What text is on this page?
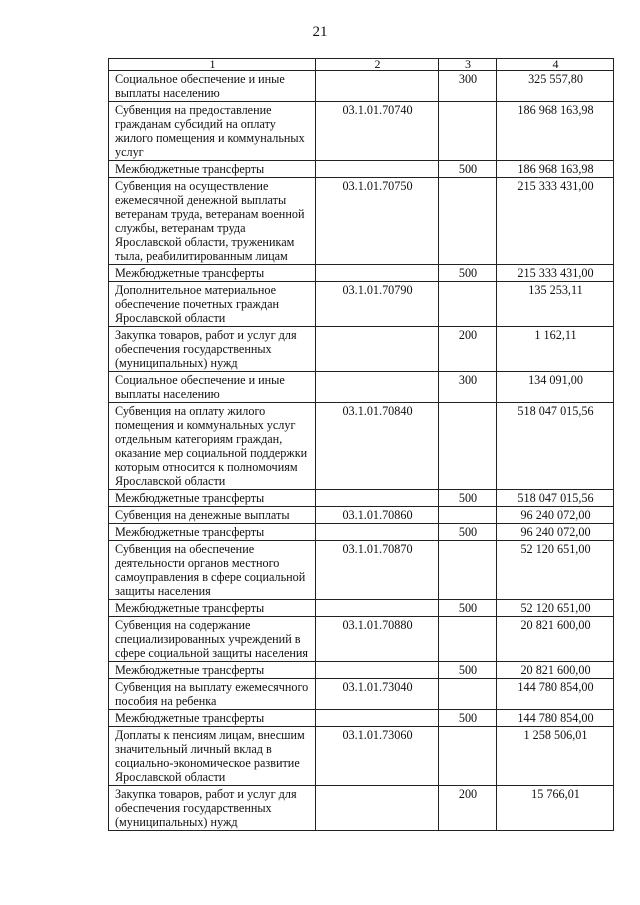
21
1	2	3	4
Социальное обеспечение и иные выплаты населению		300	325 557,80
Субвенция на предоставление гражданам субсидий на оплату жилого помещения и коммунальных услуг	03.1.01.70740		186 968 163,98
Межбюджетные трансферты		500	186 968 163,98
Субвенция на осуществление ежемесячной денежной выплаты ветеранам труда, ветеранам военной службы, ветеранам труда Ярославской области, труженикам тыла, реабилитированным лицам	03.1.01.70750		215 333 431,00
Межбюджетные трансферты		500	215 333 431,00
Дополнительное материальное обеспечение почетных граждан Ярославской области	03.1.01.70790		135 253,11
Закупка товаров, работ и услуг для обеспечения государственных (муниципальных) нужд		200	1 162,11
Социальное обеспечение и иные выплаты населению		300	134 091,00
Субвенция на оплату жилого помещения и коммунальных услуг отдельным категориям граждан, оказание мер социальной поддержки которым относится к полномочиям Ярославской области	03.1.01.70840		518 047 015,56
Межбюджетные трансферты		500	518 047 015,56
Субвенция на денежные выплаты	03.1.01.70860		96 240 072,00
Межбюджетные трансферты		500	96 240 072,00
Субвенция на обеспечение деятельности органов местного самоуправления в сфере социальной защиты населения	03.1.01.70870		52 120 651,00
Межбюджетные трансферты		500	52 120 651,00
Субвенция на содержание специализированных учреждений в сфере социальной защиты населения	03.1.01.70880		20 821 600,00
Межбюджетные трансферты		500	20 821 600,00
Субвенция на выплату ежемесячного пособия на ребенка	03.1.01.73040		144 780 854,00
Межбюджетные трансферты		500	144 780 854,00
Доплаты к пенсиям лицам, внесшим значительный личный вклад в социально-экономическое развитие Ярославской области	03.1.01.73060		1 258 506,01
Закупка товаров, работ и услуг для обеспечения государственных (муниципальных) нужд		200	15 766,01
